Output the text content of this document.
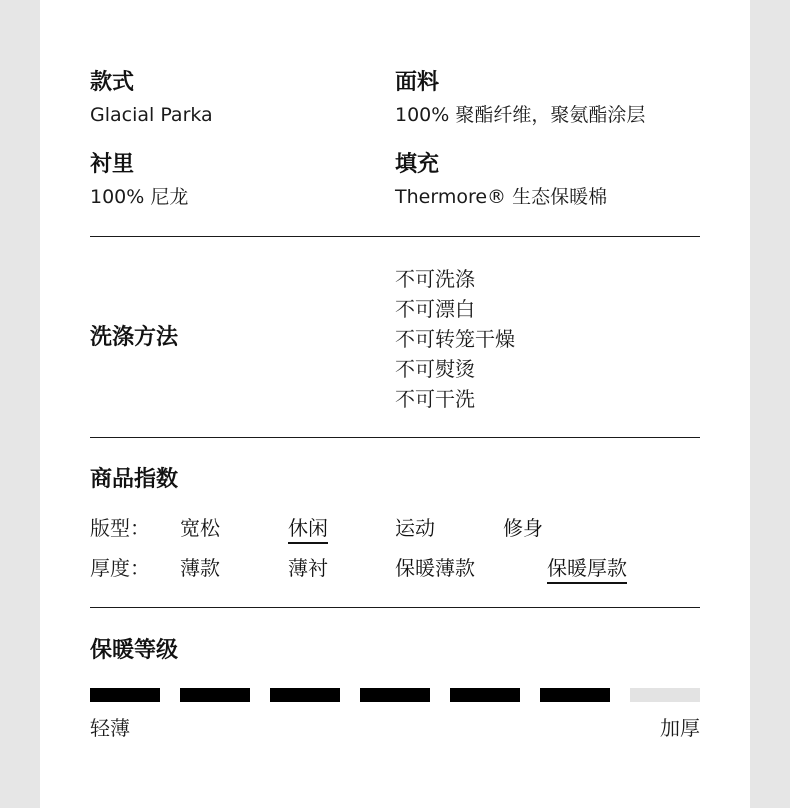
款式
Glacial Parka
面料
100% 聚酯纤维，聚氨酯涂层
衬里
100% 尼龙
填充
Thermore® 生态保暖棉
洗涤方法
不可洗涤
不可漂白
不可转笼干燥
不可熨烫
不可干洗
商品指数
版型： 宽松	休闲	运动	修身
厚度： 薄款	薄衬	保暖薄款	保暖厚款
保暖等级
轻薄	加厚
